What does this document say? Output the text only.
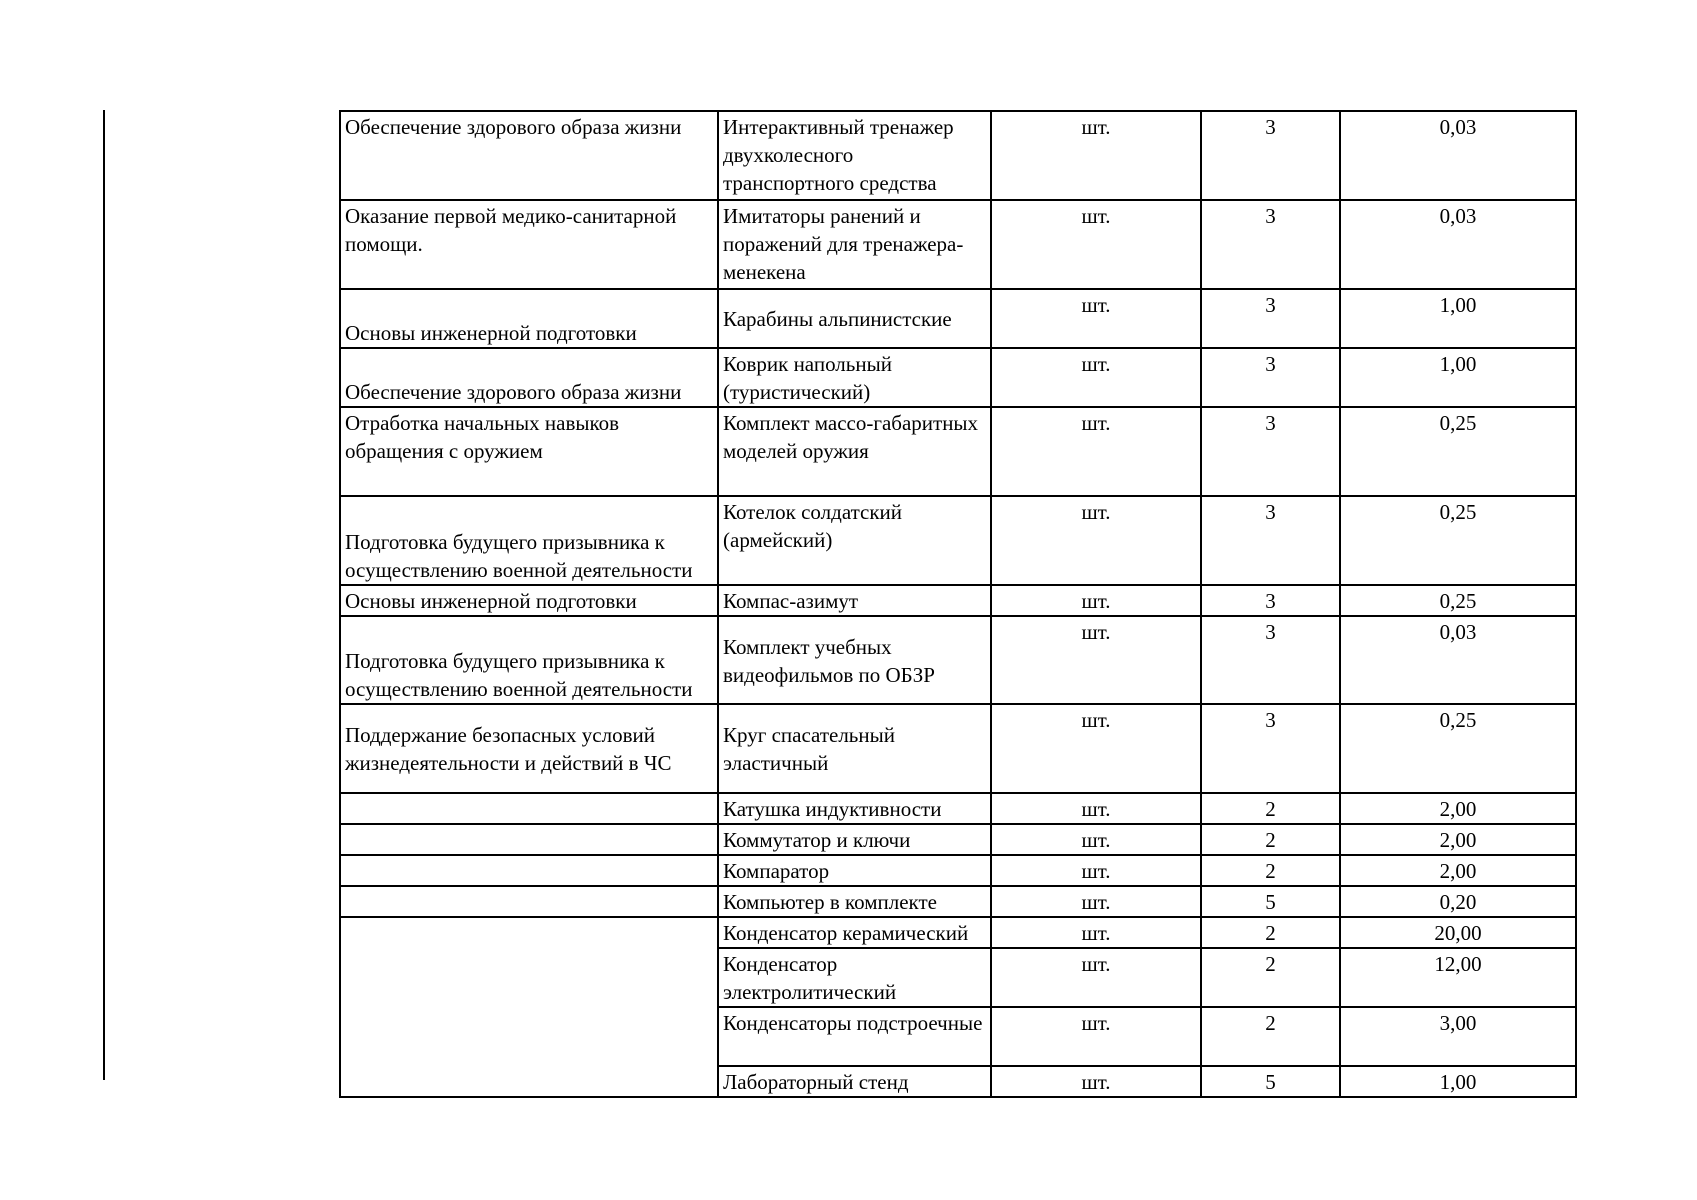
Обеспечение здорового образа жизни	Интерактивный тренажер двухколесного транспортного средства	шт.	3	0,03
Оказание первой медико-санитарной помощи.	Имитаторы ранений и поражений для тренажера-менекена	шт.	3	0,03
Основы инженерной подготовки	Карабины альпинистские	шт.	3	1,00
Обеспечение здорового образа жизни	Коврик напольный (туристический)	шт.	3	1,00
Отработка начальных навыков обращения с оружием	Комплект массо-габаритных моделей оружия	шт.	3	0,25
Подготовка будущего призывника к осуществлению военной деятельности	Котелок солдатский (армейский)	шт.	3	0,25
Основы инженерной подготовки	Компас-азимут	шт.	3	0,25
Подготовка будущего призывника к осуществлению военной деятельности	Комплект учебных видеофильмов по ОБЗР	шт.	3	0,03
Поддержание безопасных условий жизнедеятельности и действий в ЧС	Круг спасательный эластичный	шт.	3	0,25
	Катушка индуктивности	шт.	2	2,00
	Коммутатор и ключи	шт.	2	2,00
	Компаратор	шт.	2	2,00
	Компьютер в комплекте	шт.	5	0,20
	Конденсатор керамический	шт.	2	20,00
	Конденсатор электролитический	шт.	2	12,00
	Конденсаторы подстроечные	шт.	2	3,00
	Лабораторный стенд	шт.	5	1,00
